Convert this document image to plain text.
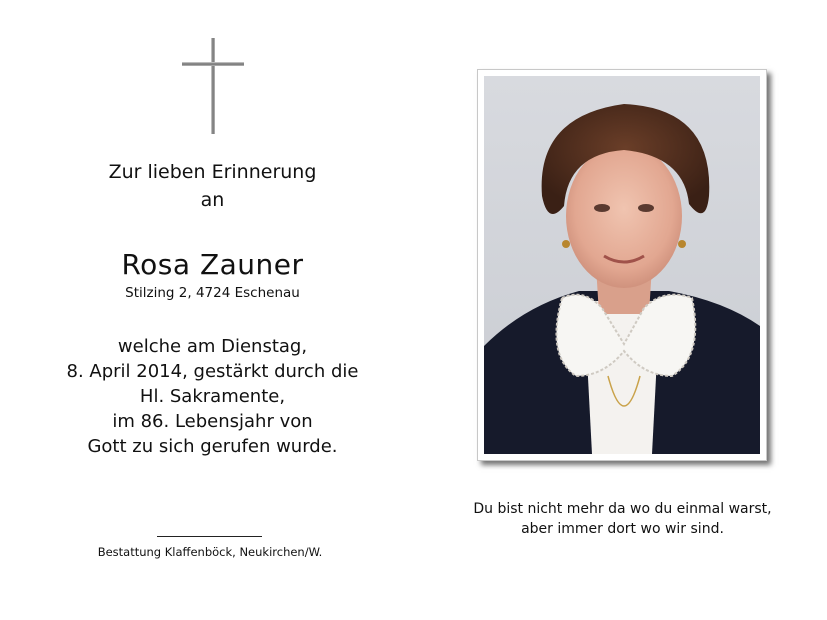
Zur lieben Erinnerung
an
Rosa Zauner
Stilzing 2, 4724 Eschenau
welche am Dienstag,
8. April 2014, gestärkt durch die
Hl. Sakramente,
im 86. Lebensjahr von
Gott zu sich gerufen wurde.
Bestattung Klaffenböck, Neukirchen/W.
Du bist nicht mehr da wo du einmal warst,
aber immer dort wo wir sind.
